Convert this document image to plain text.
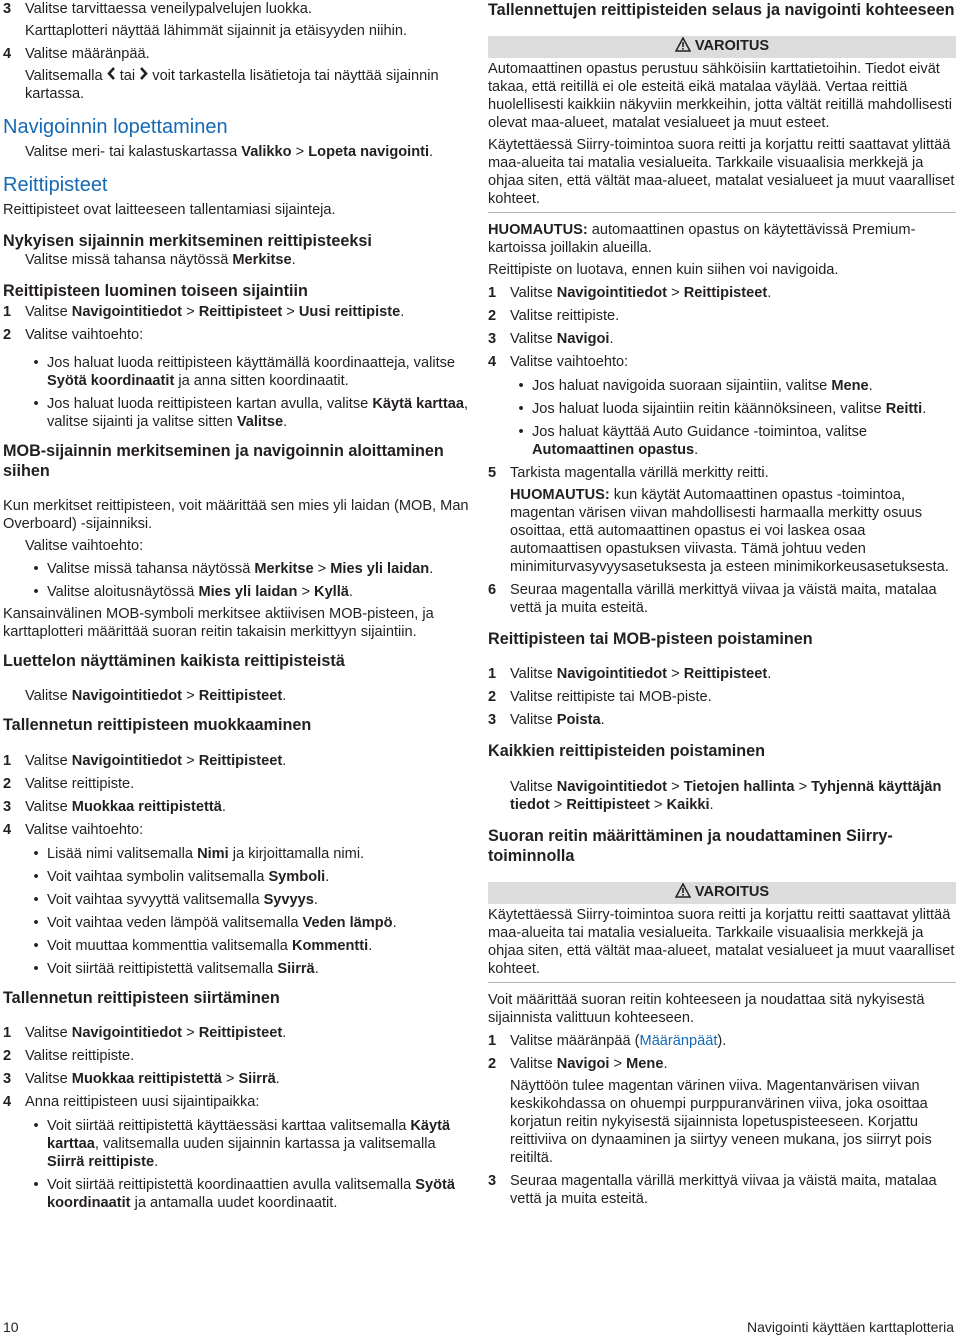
3 Valitse tarvittaessa veneilypalvelujen luokka.

Karttaplotteri näyttää lähimmät sijainnit ja etäisyyden niihin.

4 Valitse määränpää.

Valitsemalla tai voit tarkastella lisätietoja tai näyttää sijainnin kartassa.

Navigoinnin lopettaminen

Valitse meri- tai kalastuskartassa Valikko > Lopeta navigointi.

Reittipisteet

Reittipisteet ovat laitteeseen tallentamiasi sijainteja.

Nykyisen sijainnin merkitseminen reittipisteeksi

Valitse missä tahansa näytössä Merkitse.

Reittipisteen luominen toiseen sijaintiin
1 Valitse Navigointitiedot > Reittipisteet > Uusi reittipiste.
2 Valitse vaihtoehto:
• Jos haluat luoda reittipisteen käyttämällä koordinaatteja, valitse Syötä koordinaatit ja anna sitten koordinaatit.
• Jos haluat luoda reittipisteen kartan avulla, valitse Käytä karttaa, valitse sijainti ja valitse sitten Valitse.
MOB-sijainnin merkitseminen ja navigoinnin aloittaminen siihen

Kun merkitset reittipisteen, voit määrittää sen mies yli laidan (MOB, Man Overboard) -sijainniksi.

Valitse vaihtoehto:

• Valitse missä tahansa näytössä Merkitse > Mies yli laidan.
• Valitse aloitusnäytössä Mies yli laidan > Kyllä.

Kansainvälinen MOB-symboli merkitsee aktiivisen MOB-pisteen, ja karttaplotteri määrittää suoran reitin takaisin merkittyyn sijaintiin.

Luettelon näyttäminen kaikista reittipisteistä

Valitse Navigointitiedot > Reittipisteet.

Tallennetun reittipisteen muokkaaminen
1 Valitse Navigointitiedot > Reittipisteet.
2 Valitse reittipiste.
3 Valitse Muokkaa reittipistettä.
4 Valitse vaihtoehto:
• Lisää nimi valitsemalla Nimi ja kirjoittamalla nimi.
• Voit vaihtaa symbolin valitsemalla Symboli.
• Voit vaihtaa syvyyttä valitsemalla Syvyys.
• Voit vaihtaa veden lämpöä valitsemalla Veden lämpö.
• Voit muuttaa kommenttia valitsemalla Kommentti.
• Voit siirtää reittipistettä valitsemalla Siirrä.
Tallennetun reittipisteen siirtäminen
1 Valitse Navigointitiedot > Reittipisteet.
2 Valitse reittipiste.
3 Valitse Muokkaa reittipistettä > Siirrä.
4 Anna reittipisteen uusi sijaintipaikka:
• Voit siirtää reittipistettä käyttäessäsi karttaa valitsemalla Käytä karttaa, valitsemalla uuden sijainnin kartassa ja valitsemalla Siirrä reittipiste.
• Voit siirtää reittipistettä koordinaattien avulla valitsemalla Syötä koordinaatit ja antamalla uudet koordinaatit.
Tallennettujen reittipisteiden selaus ja navigointi kohteeseen
VAROITUS

Automaattinen opastus perustuu sähköisiin karttatietoihin. Tiedot eivät takaa, että reitillä ei ole esteitä eikä matalaa väylää. Vertaa reittiä huolellisesti kaikkiin näkyviin merkkeihin, jotta vältät reitillä mahdollisesti olevat maa-alueet, matalat vesialueet ja muut esteet.

Käytettäessä Siirry-toimintoa suora reitti ja korjattu reitti saattavat ylittää maa-alueita tai matalia vesialueita. Tarkkaile visuaalisia merkkejä ja ohjaa siten, että vältät maa-alueet, matalat vesialueet ja muut vaaralliset kohteet.

HUOMAUTUS: automaattinen opastus on käytettävissä Premium-kartoissa joillakin alueilla.

Reittipiste on luotava, ennen kuin siihen voi navigoida.

1 Valitse Navigointitiedot > Reittipisteet.
2 Valitse reittipiste.
3 Valitse Navigoi.
4 Valitse vaihtoehto:
• Jos haluat navigoida suoraan sijaintiin, valitse Mene.
• Jos haluat luoda sijaintiin reitin käännöksineen, valitse Reitti.
• Jos haluat käyttää Auto Guidance -toimintoa, valitse Automaattinen opastus.
5 Tarkista magentalla värillä merkitty reitti.

HUOMAUTUS: kun käytät Automaattinen opastus -toimintoa, magentan värisen viivan mahdollisesti harmaalla merkitty osuus osoittaa, että automaattinen opastus ei voi laskea osaa automaattisen opastuksen viivasta. Tämä johtuu veden minimiturvasyvyysasetuksesta ja esteen minimikorkeusasetuksesta.

6 Seuraa magentalla värillä merkittyä viivaa ja väistä maita, matalaa vettä ja muita esteitä.
Reittipisteen tai MOB-pisteen poistaminen
1 Valitse Navigointitiedot > Reittipisteet.
2 Valitse reittipiste tai MOB-piste.
3 Valitse Poista.
Kaikkien reittipisteiden poistaminen

Valitse Navigointitiedot > Tietojen hallinta > Tyhjennä käyttäjän tiedot > Reittipisteet > Kaikki.

Suoran reitin määrittäminen ja noudattaminen Siirry-toiminnolla
VAROITUS

Käytettäessä Siirry-toimintoa suora reitti ja korjattu reitti saattavat ylittää maa-alueita tai matalia vesialueita. Tarkkaile visuaalisia merkkejä ja ohjaa siten, että vältät maa-alueet, matalat vesialueet ja muut vaaralliset kohteet.

Voit määrittää suoran reitin kohteeseen ja noudattaa sitä nykyisestä sijainnista valittuun kohteeseen.

1 Valitse määränpää (Määränpäät).
2 Valitse Navigoi > Mene.

Näyttöön tulee magentan värinen viiva. Magentanvärisen viivan keskikohdassa on ohuempi purppuranvärinen viiva, joka osoittaa korjatun reitin nykyisestä sijainnista lopetuspisteeseen. Korjattu reittiviiva on dynaaminen ja siirtyy veneen mukana, jos siirryt pois reitiltä.

3 Seuraa magentalla värillä merkittyä viivaa ja väistä maita, matalaa vettä ja muita esteitä.
10	Navigointi käyttäen karttaplotteria
